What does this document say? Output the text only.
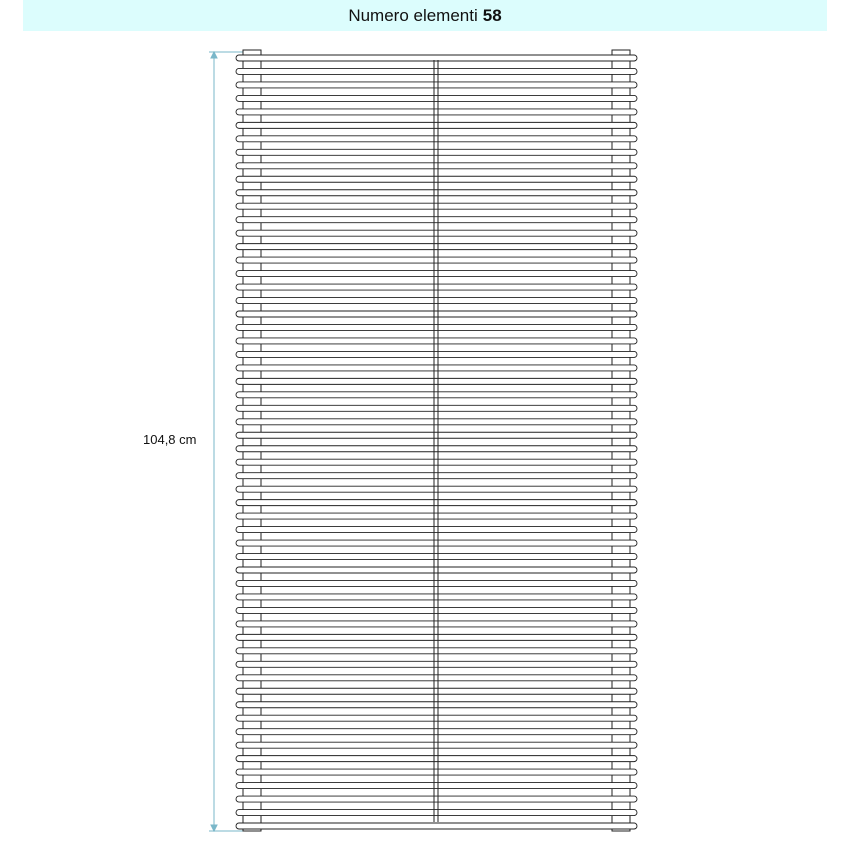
Numero elementi 58
104,8 cm
